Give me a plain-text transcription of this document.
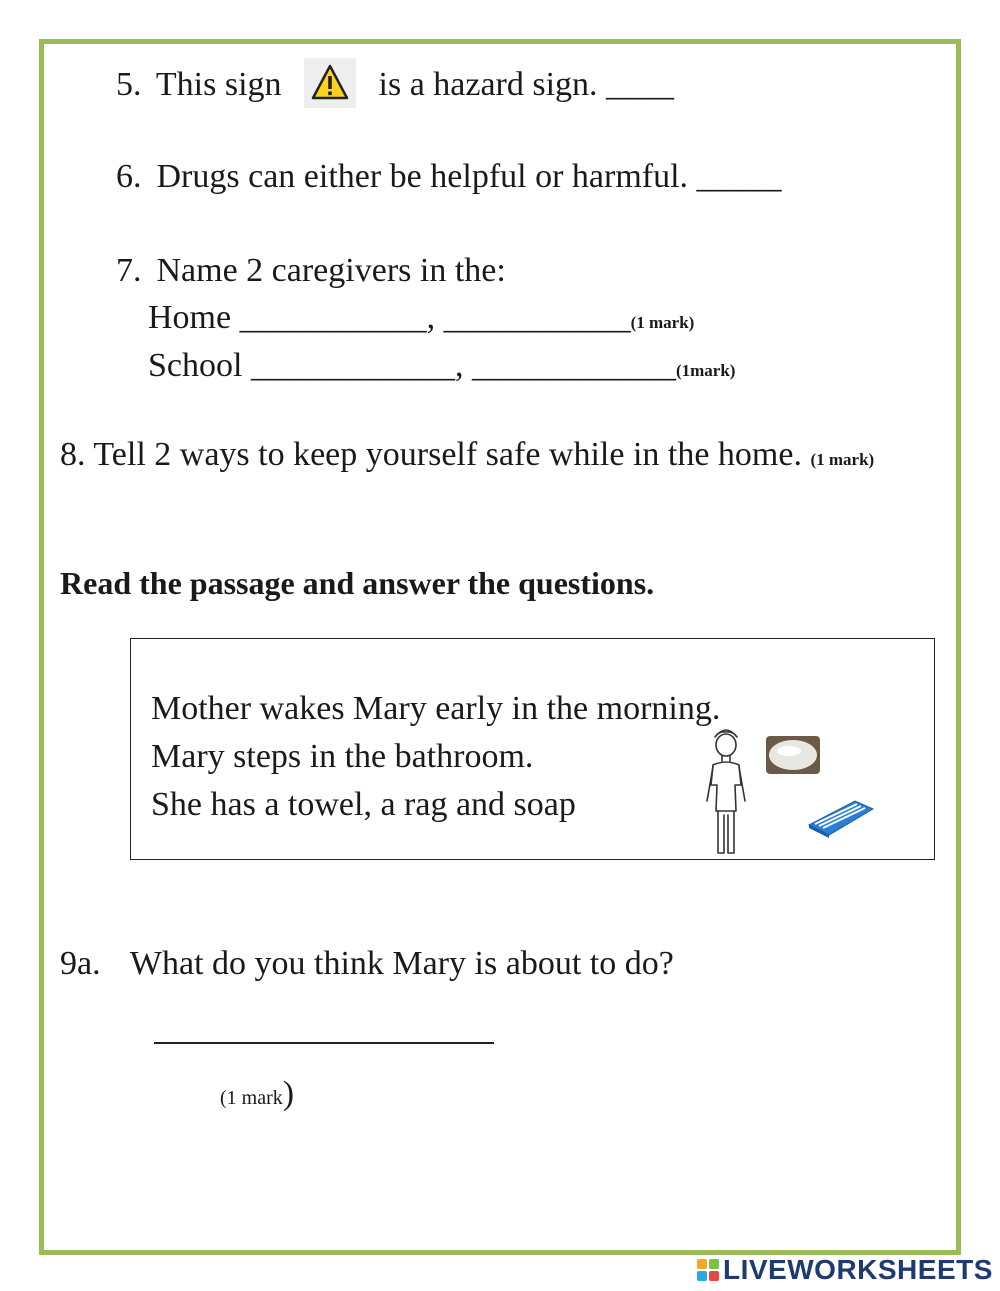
5. This sign	is a hazard sign. ____
6. Drugs can either be helpful or harmful. _____
7. Name 2 caregivers in the:
Home ___________, ___________(1 mark)
School ____________, ____________(1mark)
8. Tell 2 ways to keep yourself safe while in the home. (1 mark)
Read the passage and answer the questions.
Mother wakes Mary early in the morning.
Mary steps in the bathroom.
She has a towel, a rag and soap
9a. What do you think Mary is about to do?
(1 mark)
LIVEWORKSHEETS
